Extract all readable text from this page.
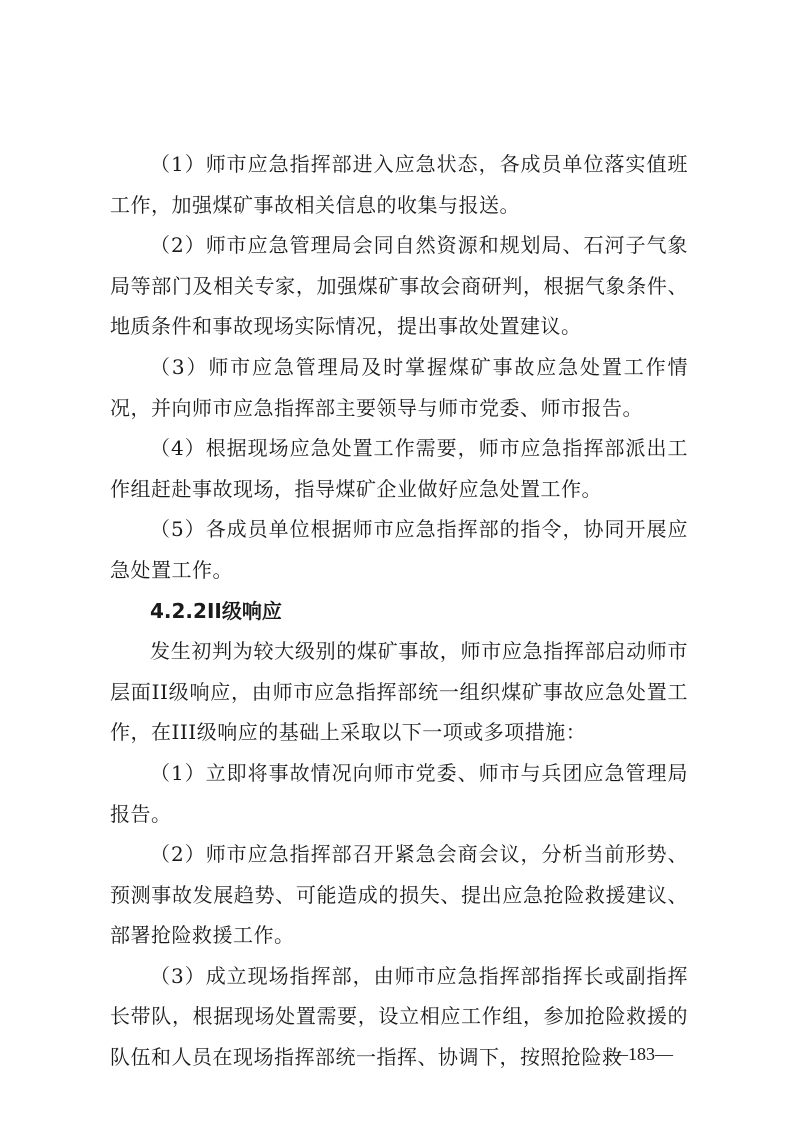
（1）师市应急指挥部进入应急状态，各成员单位落实值班工作，加强煤矿事故相关信息的收集与报送。

（2）师市应急管理局会同自然资源和规划局、石河子气象局等部门及相关专家，加强煤矿事故会商研判，根据气象条件、地质条件和事故现场实际情况，提出事故处置建议。

（3）师市应急管理局及时掌握煤矿事故应急处置工作情况，并向师市应急指挥部主要领导与师市党委、师市报告。

（4）根据现场应急处置工作需要，师市应急指挥部派出工作组赶赴事故现场，指导煤矿企业做好应急处置工作。

（5）各成员单位根据师市应急指挥部的指令，协同开展应急处置工作。

4.2.2II级响应

发生初判为较大级别的煤矿事故，师市应急指挥部启动师市层面II级响应，由师市应急指挥部统一组织煤矿事故应急处置工作，在III级响应的基础上采取以下一项或多项措施：

（1）立即将事故情况向师市党委、师市与兵团应急管理局报告。

（2）师市应急指挥部召开紧急会商会议，分析当前形势、预测事故发展趋势、可能造成的损失、提出应急抢险救援建议、部署抢险救援工作。

（3）成立现场指挥部，由师市应急指挥部指挥长或副指挥长带队，根据现场处置需要，设立相应工作组，参加抢险救援的队伍和人员在现场指挥部统一指挥、协调下，按照抢险救

—183—
